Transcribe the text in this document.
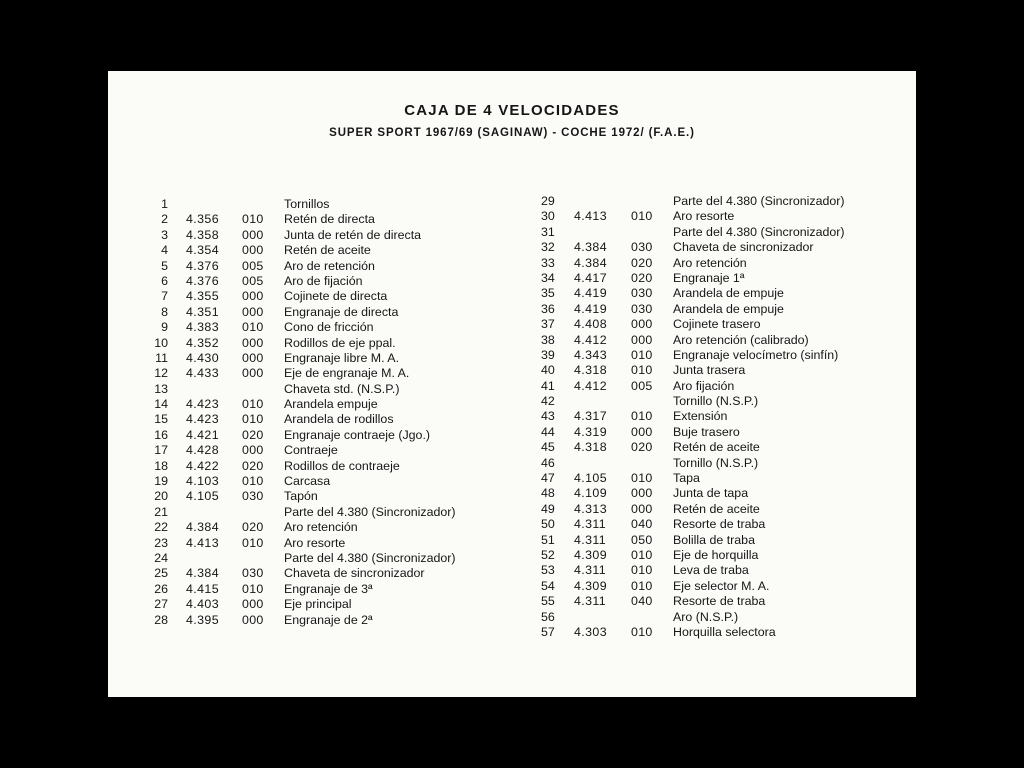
CAJA DE 4 VELOCIDADES
SUPER SPORT 1967/69 (SAGINAW) - COCHE 1972/ (F.A.E.)
1	Tornillos
2 4.356 010 Retén de directa
3 4.358 000 Junta de retén de directa
4 4.354 000 Retén de aceite
5 4.376 005 Aro de retención
6 4.376 005 Aro de fijación
7 4.355 000 Cojinete de directa
8 4.351 000 Engranaje de directa
9 4.383 010 Cono de fricción
10 4.352 000 Rodillos de eje ppal.
11 4.430 000 Engranaje libre M. A.
12 4.433 000 Eje de engranaje M. A.
13	Chaveta std. (N.S.P.)
14 4.423 010 Arandela empuje
15 4.423 010 Arandela de rodillos
16 4.421 020 Engranaje contraeje (Jgo.)
17 4.428 000 Contraeje
18 4.422 020 Rodillos de contraeje
19 4.103 010 Carcasa
20 4.105 030 Tapón
21	Parte del 4.380 (Sincronizador)
22 4.384 020 Aro retención
23 4.413 010 Aro resorte
24	Parte del 4.380 (Sincronizador)
25 4.384 030 Chaveta de sincronizador
26 4.415 010 Engranaje de 3ª
27 4.403 000 Eje principal
28 4.395 000 Engranaje de 2ª
29	Parte del 4.380 (Sincronizador)
30	4.413 010 Aro resorte
31	Parte del 4.380 (Sincronizador)
32	4.384 030 Chaveta de sincronizador
33	4.384 020 Aro retención
34	4.417 020 Engranaje 1ª
35	4.419 030 Arandela de empuje
36	4.419 030 Arandela de empuje
37	4.408 000 Cojinete trasero
38	4.412 000 Aro retención (calibrado)
39	4.343 010 Engranaje velocímetro (sinfín)
40	4.318 010 Junta trasera
41	4.412 005 Aro fijación
42	Tornillo (N.S.P.)
43	4.317 010 Extensión
44	4.319 000 Buje trasero
45	4.318 020 Retén de aceite
46	Tornillo (N.S.P.)
47	4.105 010 Tapa
48	4.109 000 Junta de tapa
49	4.313 000 Retén de aceite
50	4.311 040 Resorte de traba
51	4.311 050 Bolilla de traba
52	4.309 010 Eje de horquilla
53	4.311 010 Leva de traba
54	4.309 010 Eje selector M. A.
55	4.311 040 Resorte de traba
56	Aro (N.S.P.)
57	4.303 010 Horquilla selectora
